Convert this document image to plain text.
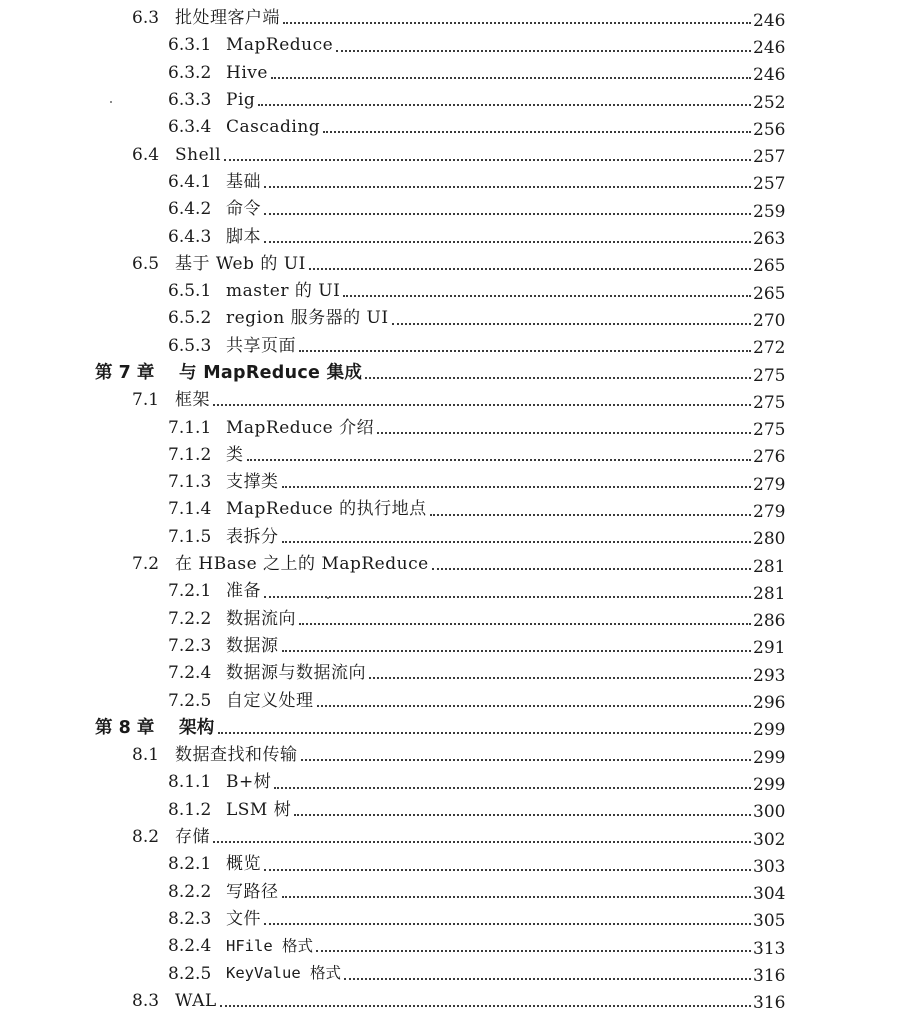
6.3 批处理客户端	246
6.3.1 MapReduce	246
6.3.2 Hive	246
6.3.3 Pig	252
6.3.4 Cascading	256
6.4 Shell	257
6.4.1 基础	257
6.4.2 命令	259
6.4.3 脚本	263
6.5 基于 Web 的 UI	265
6.5.1 master 的 UI	265
6.5.2 region 服务器的 UI	270
6.5.3 共享页面	272
第 7 章	与 MapReduce 集成	275
7.1 框架	275
7.1.1 MapReduce 介绍	275
7.1.2 类	276
7.1.3 支撑类	279
7.1.4 MapReduce 的执行地点	279
7.1.5 表拆分	280
7.2 在 HBase 之上的 MapReduce	281
7.2.1 准备	281
7.2.2 数据流向	286
7.2.3 数据源	291
7.2.4 数据源与数据流向	293
7.2.5 自定义处理	296
第 8 章	架构	299
8.1 数据查找和传输	299
8.1.1 B+树	299
8.1.2 LSM 树	300
8.2 存储	302
8.2.1 概览	303
8.2.2 写路径	304
8.2.3 文件	305
8.2.4 HFile 格式	313
8.2.5 KeyValue 格式	316
8.3 WAL	316
